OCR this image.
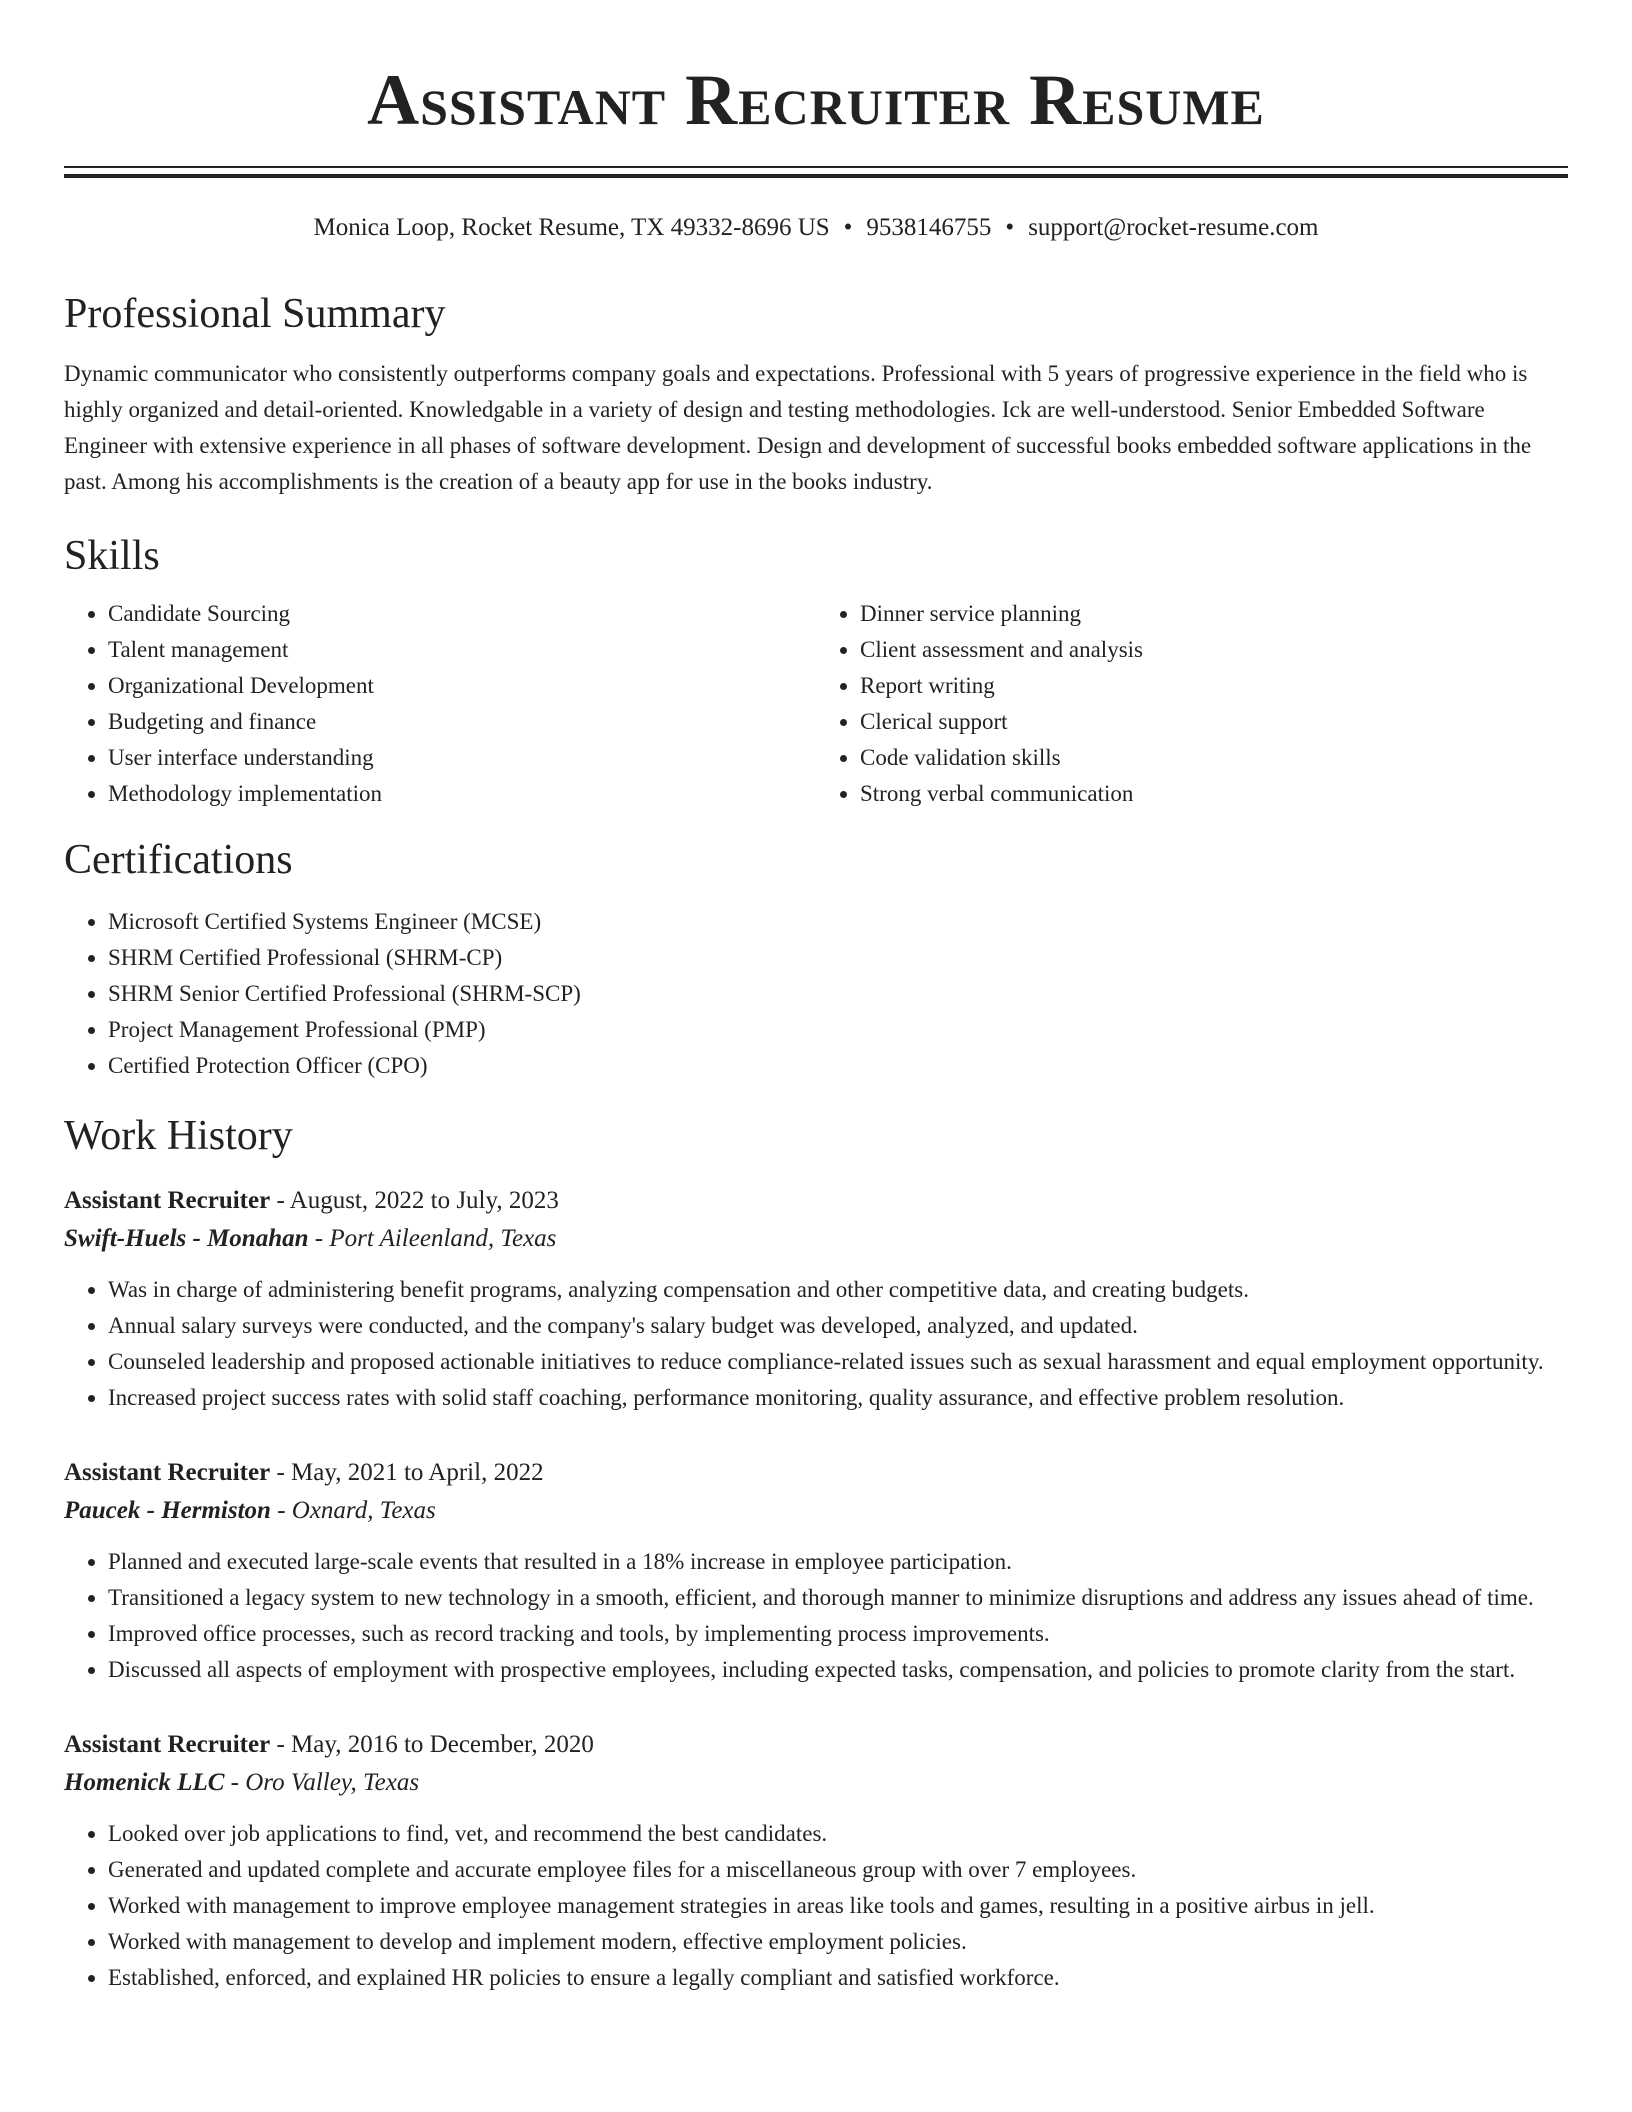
Assistant Recruiter Resume
Monica Loop, Rocket Resume, TX 49332-8696 US • 9538146755 • support@rocket-resume.com
Professional Summary

Dynamic communicator who consistently outperforms company goals and expectations. Professional with 5 years of progressive experience in the field who is highly organized and detail-oriented. Knowledgable in a variety of design and testing methodologies. Ick are well-understood. Senior Embedded Software Engineer with extensive experience in all phases of software development. Design and development of successful books embedded software applications in the past. Among his accomplishments is the creation of a beauty app for use in the books industry.

Skills
• Candidate Sourcing
• Talent management
• Organizational Development
• Budgeting and finance
• User interface understanding
• Methodology implementation
• Dinner service planning
• Client assessment and analysis
• Report writing
• Clerical support
• Code validation skills
• Strong verbal communication
Certifications
• Microsoft Certified Systems Engineer (MCSE)
• SHRM Certified Professional (SHRM-CP)
• SHRM Senior Certified Professional (SHRM-SCP)
• Project Management Professional (PMP)
• Certified Protection Officer (CPO)
Work History
Assistant Recruiter - August, 2022 to July, 2023
Swift-Huels - Monahan - Port Aileenland, Texas
• Was in charge of administering benefit programs, analyzing compensation and other competitive data, and creating budgets.
• Annual salary surveys were conducted, and the company's salary budget was developed, analyzed, and updated.
• Counseled leadership and proposed actionable initiatives to reduce compliance-related issues such as sexual harassment and equal employment opportunity.
• Increased project success rates with solid staff coaching, performance monitoring, quality assurance, and effective problem resolution.
Assistant Recruiter - May, 2021 to April, 2022
Paucek - Hermiston - Oxnard, Texas
• Planned and executed large-scale events that resulted in a 18% increase in employee participation.
• Transitioned a legacy system to new technology in a smooth, efficient, and thorough manner to minimize disruptions and address any issues ahead of time.
• Improved office processes, such as record tracking and tools, by implementing process improvements.
• Discussed all aspects of employment with prospective employees, including expected tasks, compensation, and policies to promote clarity from the start.
Assistant Recruiter - May, 2016 to December, 2020
Homenick LLC - Oro Valley, Texas
• Looked over job applications to find, vet, and recommend the best candidates.
• Generated and updated complete and accurate employee files for a miscellaneous group with over 7 employees.
• Worked with management to improve employee management strategies in areas like tools and games, resulting in a positive airbus in jell.
• Worked with management to develop and implement modern, effective employment policies.
• Established, enforced, and explained HR policies to ensure a legally compliant and satisfied workforce.
